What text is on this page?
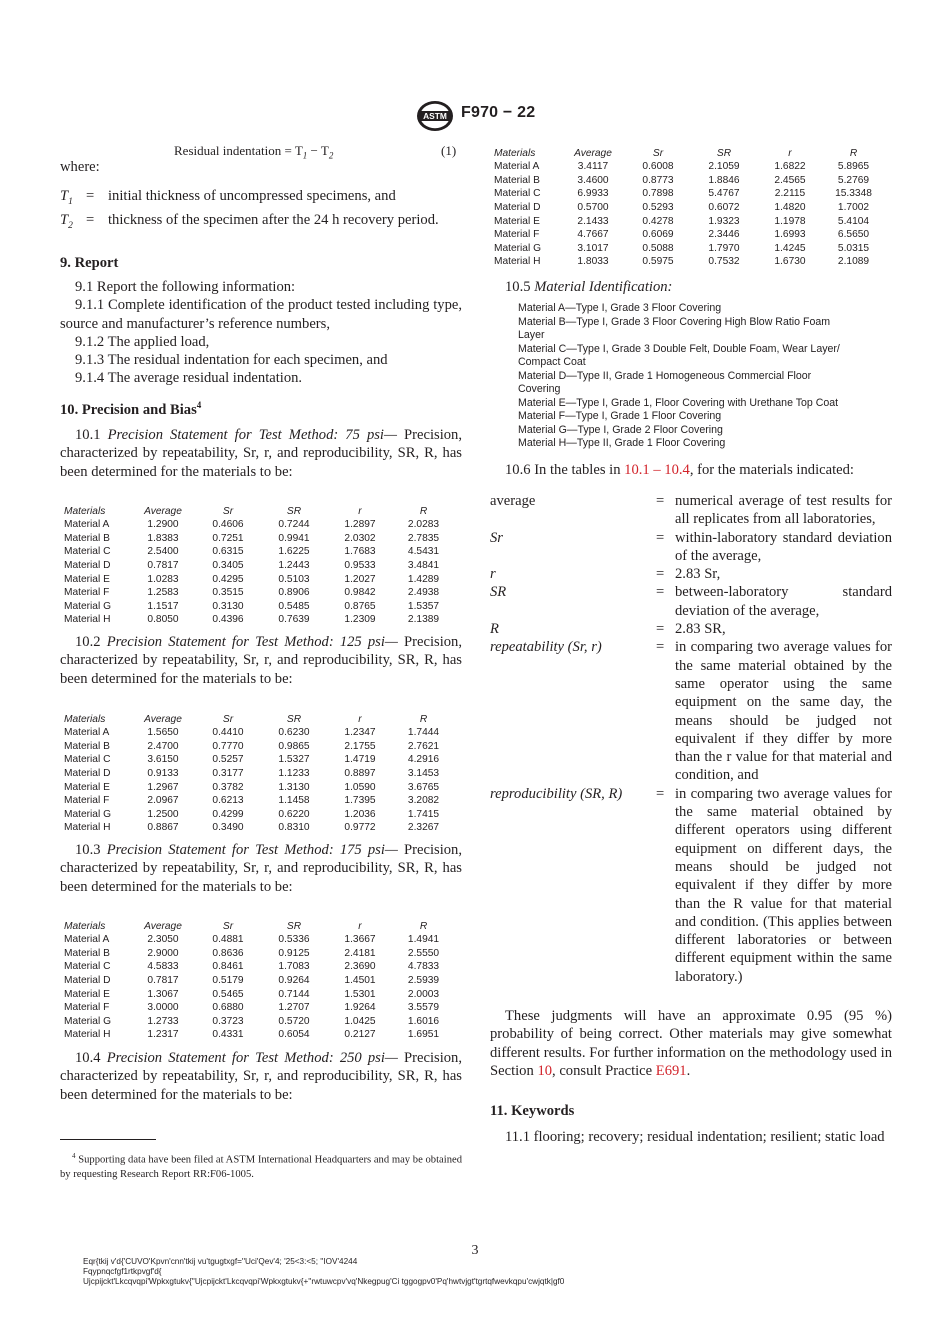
ASTM F970 − 22
Residual indentation = $T_1 - T_2$	(1)
where:
$T_1$ = initial thickness of uncompressed specimens, and
$T_2$ = thickness of the specimen after the 24 h recovery period.
9. Report
9.1 Report the following information:
9.1.1 Complete identification of the product tested including type, source and manufacturer’s reference numbers,
9.1.2 The applied load,
9.1.3 The residual indentation for each specimen, and
9.1.4 The average residual indentation.
10. Precision and Bias$^4$
10.1 Precision Statement for Test Method: 75 psi— Precision, characterized by repeatability, Sr, r, and reproducibility, SR, R, has been determined for the materials to be:
Materials	Average	Sr	SR	r	R
Material A	1.2900	0.4606	0.7244	1.2897	2.0283
Material B	1.8383	0.7251	0.9941	2.0302	2.7835
Material C	2.5400	0.6315	1.6225	1.7683	4.5431
Material D	0.7817	0.3405	1.2443	0.9533	3.4841
Material E	1.0283	0.4295	0.5103	1.2027	1.4289
Material F	1.2583	0.3515	0.8906	0.9842	2.4938
Material G	1.1517	0.3130	0.5485	0.8765	1.5357
Material H	0.8050	0.4396	0.7639	1.2309	2.1389
10.2 Precision Statement for Test Method: 125 psi— Precision, characterized by repeatability, Sr, r, and reproducibility, SR, R, has been determined for the materials to be:
Materials	Average	Sr	SR	r	R
Material A	1.5650	0.4410	0.6230	1.2347	1.7444
Material B	2.4700	0.7770	0.9865	2.1755	2.7621
Material C	3.6150	0.5257	1.5327	1.4719	4.2916
Material D	0.9133	0.3177	1.1233	0.8897	3.1453
Material E	1.2967	0.3782	1.3130	1.0590	3.6765
Material F	2.0967	0.6213	1.1458	1.7395	3.2082
Material G	1.2500	0.4299	0.6220	1.2036	1.7415
Material H	0.8867	0.3490	0.8310	0.9772	2.3267
10.3 Precision Statement for Test Method: 175 psi— Precision, characterized by repeatability, Sr, r, and reproducibility, SR, R, has been determined for the materials to be:
Materials	Average	Sr	SR	r	R
Material A	2.3050	0.4881	0.5336	1.3667	1.4941
Material B	2.9000	0.8636	0.9125	2.4181	2.5550
Material C	4.5833	0.8461	1.7083	2.3690	4.7833
Material D	0.7817	0.5179	0.9264	1.4501	2.5939
Material E	1.3067	0.5465	0.7144	1.5301	2.0003
Material F	3.0000	0.6880	1.2707	1.9264	3.5579
Material G	1.2733	0.3723	0.5720	1.0425	1.6016
Material H	1.2317	0.4331	0.6054	0.2127	1.6951
10.4 Precision Statement for Test Method: 250 psi— Precision, characterized by repeatability, Sr, r, and reproducibility, SR, R, has been determined for the materials to be:
$^4$ Supporting data have been filed at ASTM International Headquarters and may be obtained by requesting Research Report RR:F06-1005.
Materials	Average	Sr	SR	r	R
Material A	3.4117	0.6008	2.1059	1.6822	5.8965
Material B	3.4600	0.8773	1.8846	2.4565	5.2769
Material C	6.9933	0.7898	5.4767	2.2115	15.3348
Material D	0.5700	0.5293	0.6072	1.4820	1.7002
Material E	2.1433	0.4278	1.9323	1.1978	5.4104
Material F	4.7667	0.6069	2.3446	1.6993	6.5650
Material G	3.1017	0.5088	1.7970	1.4245	5.0315
Material H	1.8033	0.5975	0.7532	1.6730	2.1089
10.5 Material Identification:
Material A—Type I, Grade 3 Floor Covering
Material B—Type I, Grade 3 Floor Covering High Blow Ratio Foam
Layer
Material C—Type I, Grade 3 Double Felt, Double Foam, Wear Layer/
Compact Coat
Material D—Type II, Grade 1 Homogeneous Commercial Floor
Covering
Material E—Type I, Grade 1, Floor Covering with Urethane Top Coat
Material F—Type I, Grade 1 Floor Covering
Material G—Type I, Grade 2 Floor Covering
Material H—Type II, Grade 1 Floor Covering
10.6 In the tables in 10.1 – 10.4, for the materials indicated:
average	= numerical average of test results for all replicates from all laboratories,
Sr	= within-laboratory standard deviation of the average,
r	= 2.83 Sr,
SR	= between-laboratory standard deviation of the average,
R	= 2.83 SR,
repeatability (Sr, r)	= in comparing two average values for the same material obtained by the same operator using the same equipment on the same day, the means should be judged not equivalent if they differ by more than the r value for that material and condition, and
reproducibility (SR, R)	= in comparing two average values for the same material obtained by different operators using different equipment on different days, the means should be judged not equivalent if they differ by more than the R value for that material and condition. (This applies between different laboratories or between different equipment within the same laboratory.)
These judgments will have an approximate 0.95 (95 %) probability of being correct. Other materials may give somewhat different results. For further information on the methodology used in Section 10, consult Practice E691.
11. Keywords
11.1 flooring; recovery; residual indentation; resilient; static load
3
Eqr{tkij v'd{'CUVO'Kpvn'cnn'tkij vu'tgugtxgf=''Uci'Qev'4; '25<3:<5; ''IOV'4244
Fqypnqcfgf1rtkpvgf'd{
Ujcpijckt'Lkcqvqpi'Wpkxgtukv{''Ujcpijckt'Lkcqvqpi'Wpkxgtukv{+''rwtuwcpv'vq'Nkegpug'Ci tggogpv0'Pq'hwtvjgt'tgrtqfwevkqpu'cwjqtk|gf0
